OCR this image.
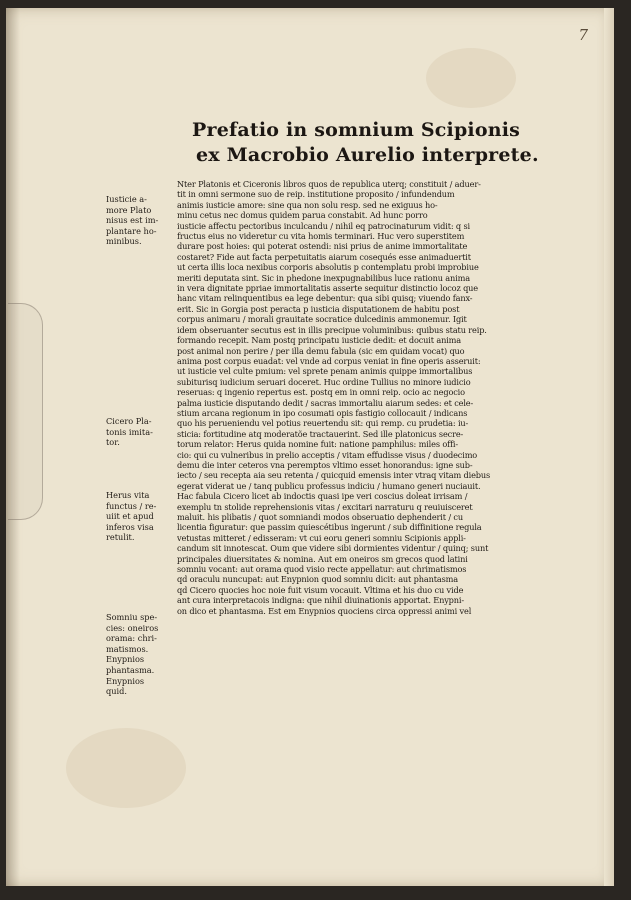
7
Prefatio in somnium Scipionis
ex Macrobio Aurelio interprete.
Iusticie a-
more Plato
nisus est im-
plantare ho-
minibus.
Cicero Pla-
tonis imita-
tor.
Herus vita
functus / re-
uiit et apud
inferos visa
retulit.
Somniu spe-
cies: oneiros
orama: chri-
matismos.
Enypnios
phantasma.
Enypnios
quid.
Nter Platonis et Ciceronis libros quos de republica uterq; constituit / aduer-
tit in omni sermone suo de reip. institutione proposito / infundendum
animis iusticie amore: sine qua non solu resp. sed ne exiguus ho-
minu cetus nec domus quidem parua constabit. Ad hunc porro
iusticie affectu pectoribus inculcandu / nihil eq patrocinaturum vidit: q si
fructus eius no videretur cu vita homis terminari. Huc vero superstitem
durare post hoies: qui poterat ostendi: nisi prius de anime immortalitate
costaret? Fide aut facta perpetuitatis aiarum cosequés esse animaduertit
ut certa illis loca nexibus corporis absolutis p contemplatu probi improbiue
meriti deputata sint. Sic in phedone inexpugnabilibus luce rationu anima
in vera dignitate ppriae immortalitatis asserte sequitur distinctio locoz que
hanc vitam relinquentibus ea lege debentur: qua sibi quisq; viuendo fanx-
erit. Sic in Gorgia post peracta p iusticia disputationem de habitu post
corpus animaru / morali grauitate socratice dulcedinis ammonemur. Igit
idem obseruanter secutus est in illis precipue voluminibus: quibus statu reip.
formando recepit. Nam postq principatu iusticie dedit: et docuit anima
post animal non perire / per illa demu fabula (sic em quidam vocat) quo
anima post corpus euadat: vel vnde ad corpus veniat in fine operis asseruit:
ut iusticie vel culte pmium: vel sprete penam animis quippe immortalibus
subiturisq iudicium seruari doceret. Huc ordine Tullius no minore iudicio
reseruas: q ingenio repertus est. postq em in omni reip. ocio ac negocio
palma iusticie disputando dedit / sacras immortaliu aiarum sedes: et cele-
stium arcana regionum in ipo cosumati opis fastigio collocauit / indicans
quo his perueniendu vel potius reuertendu sit: qui remp. cu prudetia: iu-
sticia: fortitudine atq moderatõe tractauerint. Sed ille platonicus secre-
torum relator: Herus quida nomine fuit: natione pamphilus: miles offi-
cio: qui cu vulneribus in prelio acceptis / vitam effudisse visus / duodecimo
demu die inter ceteros vna peremptos vltimo esset honorandus: igne sub-
iecto / seu recepta aia seu retenta / quicquid emensis inter vtraq vitam diebus
egerat viderat ue / tanq publicu professus indiciu / humano generi nuciauit.
Hac fabula Cicero licet ab indoctis quasi ipe veri coscius doleat irrisam /
exemplu tn stolide reprehensionis vitas / excitari narraturu q reuiuisceret
maluit. his plibatis / quot somniandi modos obseruatio dephenderit / cu
licentia figuratur: que passim quiescétibus ingerunt / sub diffinitione regula
vetustas mitteret / edisseram: vt cui eoru generi somniu Scipionis appli-
candum sit innotescat. Oum que videre sibi dormientes videntur / quinq; sunt
principales diuersitates & nomina. Aut em oneiros sm grecos quod latini
somniu vocant: aut orama quod visio recte appellatur: aut chrimatismos
qd oraculu nuncupat: aut Enypnion quod somniu dicit: aut phantasma
qd Cicero quocies hoc noie fuit visum vocauit. Vltima et his duo cu vide
ant cura interpretacois indigna: que nihil diuinationis apportat. Enypni-
on dico et phantasma. Est em Enypnios quociens circa oppressi animi vel
